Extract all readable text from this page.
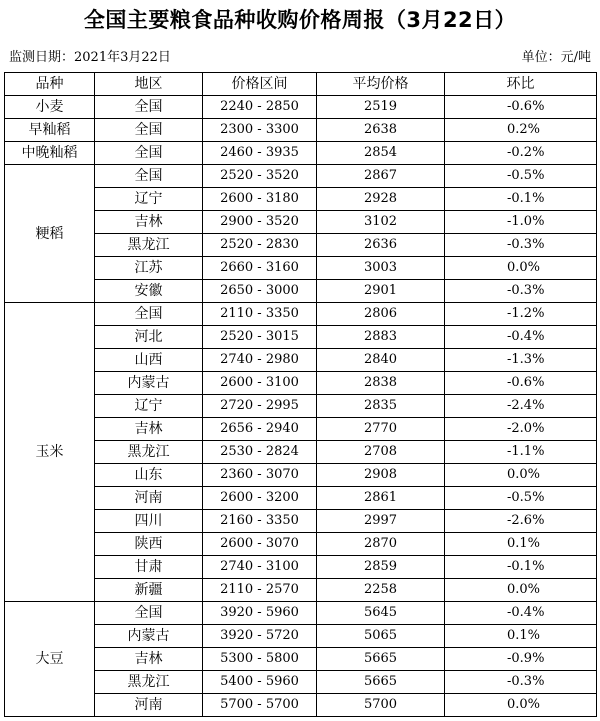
全国主要粮食品种收购价格周报（3月22日）
监测日期：2021年3月22日	单位：元/吨
品种	地区	价格区间	平均价格	环比
小麦	全国	2240 - 2850	2519	-0.6%
早籼稻	全国	2300 - 3300	2638	0.2%
中晚籼稻	全国	2460 - 3935	2854	-0.2%
粳稻	全国	2520 - 3520	2867	-0.5%
	辽宁	2600 - 3180	2928	-0.1%
	吉林	2900 - 3520	3102	-1.0%
	黑龙江	2520 - 2830	2636	-0.3%
	江苏	2660 - 3160	3003	0.0%
	安徽	2650 - 3000	2901	-0.3%
玉米	全国	2110 - 3350	2806	-1.2%
	河北	2520 - 3015	2883	-0.4%
	山西	2740 - 2980	2840	-1.3%
	内蒙古	2600 - 3100	2838	-0.6%
	辽宁	2720 - 2995	2835	-2.4%
	吉林	2656 - 2940	2770	-2.0%
	黑龙江	2530 - 2824	2708	-1.1%
	山东	2360 - 3070	2908	0.0%
	河南	2600 - 3200	2861	-0.5%
	四川	2160 - 3350	2997	-2.6%
	陕西	2600 - 3070	2870	0.1%
	甘肃	2740 - 3100	2859	-0.1%
	新疆	2110 - 2570	2258	0.0%
大豆	全国	3920 - 5960	5645	-0.4%
	内蒙古	3920 - 5720	5065	0.1%
	吉林	5300 - 5800	5665	-0.9%
	黑龙江	5400 - 5960	5665	-0.3%
	河南	5700 - 5700	5700	0.0%
